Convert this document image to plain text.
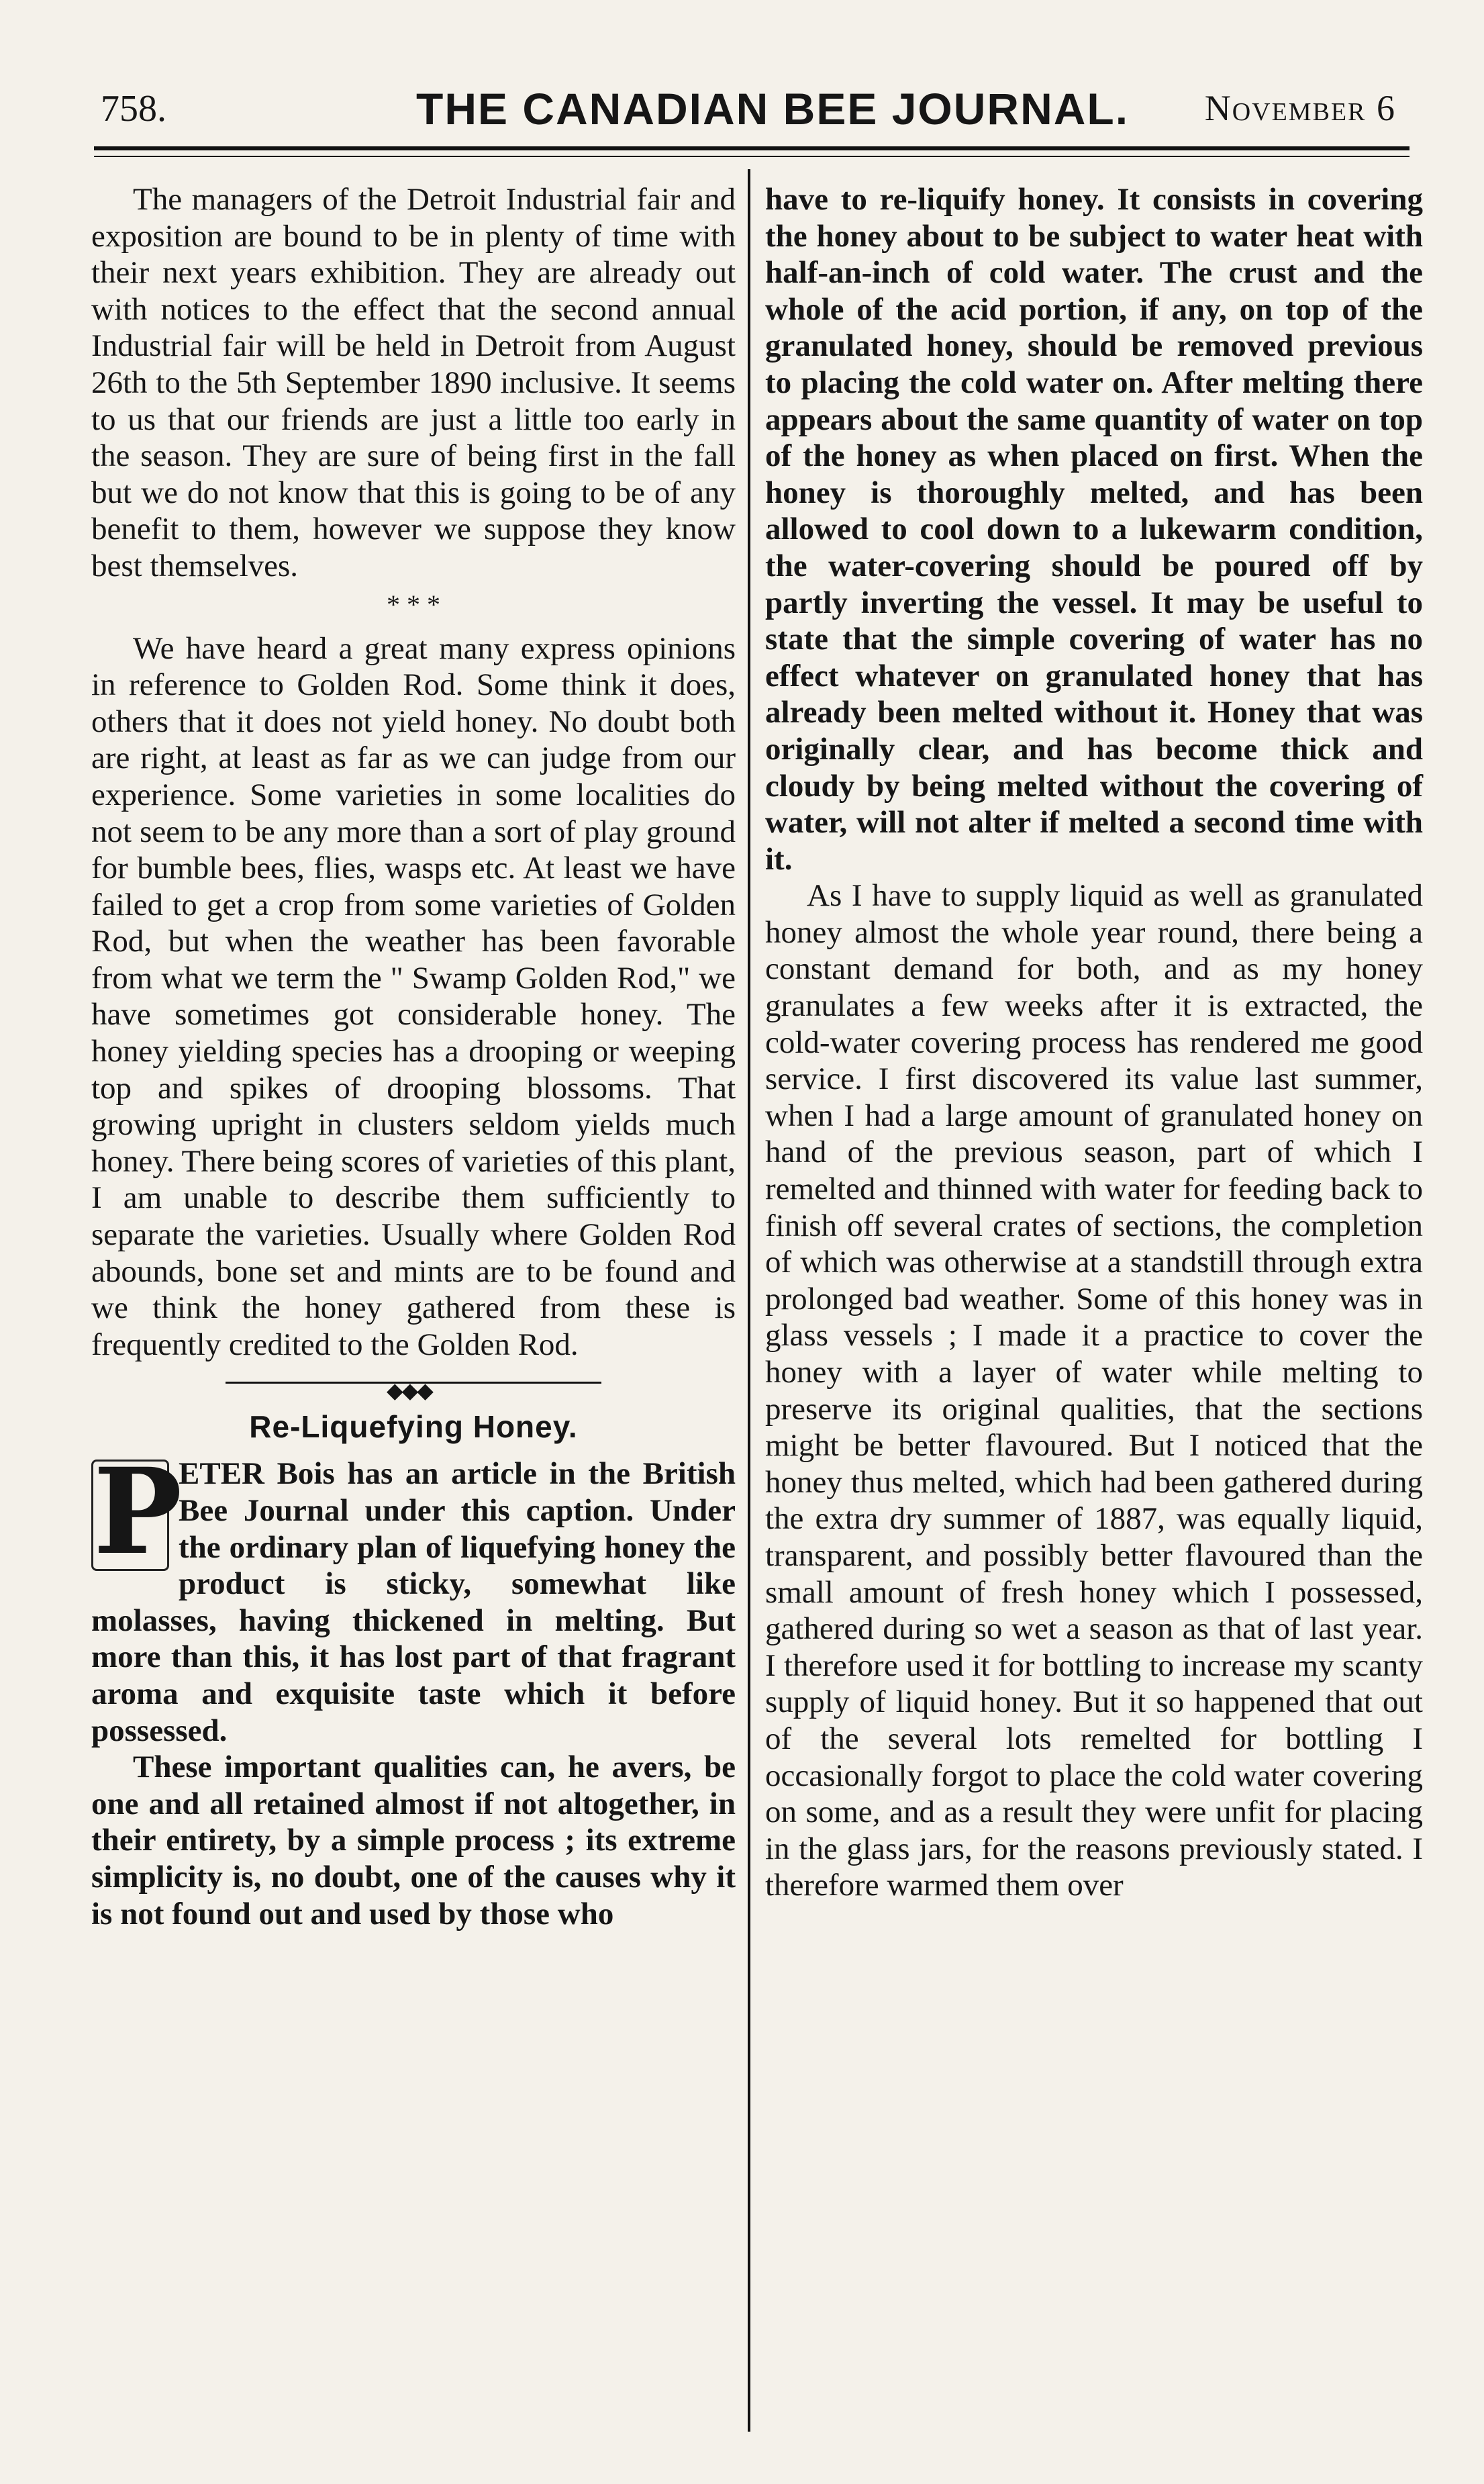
758.	THE CANADIAN BEE JOURNAL. November 6

The managers of the Detroit Industrial fair and exposition are bound to be in plenty of time with their next years exhibition. They are already out with notices to the effect that the second annual Industrial fair will be held in Detroit from August 26th to the 5th September 1890 inclusive. It seems to us that our friends are just a little too early in the season. They are sure of being first in the fall but we do not know that this is going to be of any benefit to them, however we suppose they know best themselves.

* * *

We have heard a great many express opinions in reference to Golden Rod. Some think it does, others that it does not yield honey. No doubt both are right, at least as far as we can judge from our experience. Some varieties in some localities do not seem to be any more than a sort of play ground for bumble bees, flies, wasps etc. At least we have failed to get a crop from some varieties of Golden Rod, but when the weather has been favorable from what we term the " Swamp Golden Rod," we have sometimes got considerable honey. The honey yielding species has a drooping or weeping top and spikes of drooping blossoms. That growing upright in clusters seldom yields much honey. There being scores of varieties of this plant, I am unable to describe them sufficiently to separate the varieties. Usually where Golden Rod abounds, bone set and mints are to be found and we think the honey gathered from these is frequently credited to the Golden Rod.

◆◆◆
Re-Liquefying Honey.

P
ETER Bois has an article in the British Bee Journal under this caption. Under the ordinary plan of liquefying honey the product is sticky, somewhat like molasses, having thickened in melting. But more than this, it has lost part of that fragrant aroma and exquisite taste which it before possessed.

These important qualities can, he avers, be one and all retained almost if not altogether, in their entirety, by a simple process ; its extreme simplicity is, no doubt, one of the causes why it is not found out and used by those who

have to re-liquify honey. It consists in covering the honey about to be subject to water heat with half-an-inch of cold water. The crust and the whole of the acid portion, if any, on top of the granulated honey, should be removed previous to placing the cold water on. After melting there appears about the same quantity of water on top of the honey as when placed on first. When the honey is thoroughly melted, and has been allowed to cool down to a lukewarm condition, the water-covering should be poured off by partly inverting the vessel. It may be useful to state that the simple covering of water has no effect whatever on granulated honey that has already been melted without it. Honey that was originally clear, and has become thick and cloudy by being melted without the covering of water, will not alter if melted a second time with it.

As I have to supply liquid as well as granulated honey almost the whole year round, there being a constant demand for both, and as my honey granulates a few weeks after it is extracted, the cold-water covering process has rendered me good service. I first discovered its value last summer, when I had a large amount of granulated honey on hand of the previous season, part of which I remelted and thinned with water for feeding back to finish off several crates of sections, the completion of which was otherwise at a standstill through extra prolonged bad weather. Some of this honey was in glass vessels ; I made it a practice to cover the honey with a layer of water while melting to preserve its original qualities, that the sections might be better flavoured. But I noticed that the honey thus melted, which had been gathered during the extra dry summer of 1887, was equally liquid, transparent, and possibly better flavoured than the small amount of fresh honey which I possessed, gathered during so wet a season as that of last year. I therefore used it for bottling to increase my scanty supply of liquid honey. But it so happened that out of the several lots remelted for bottling I occasionally forgot to place the cold water covering on some, and as a result they were unfit for placing in the glass jars, for the reasons previously stated. I therefore warmed them over
